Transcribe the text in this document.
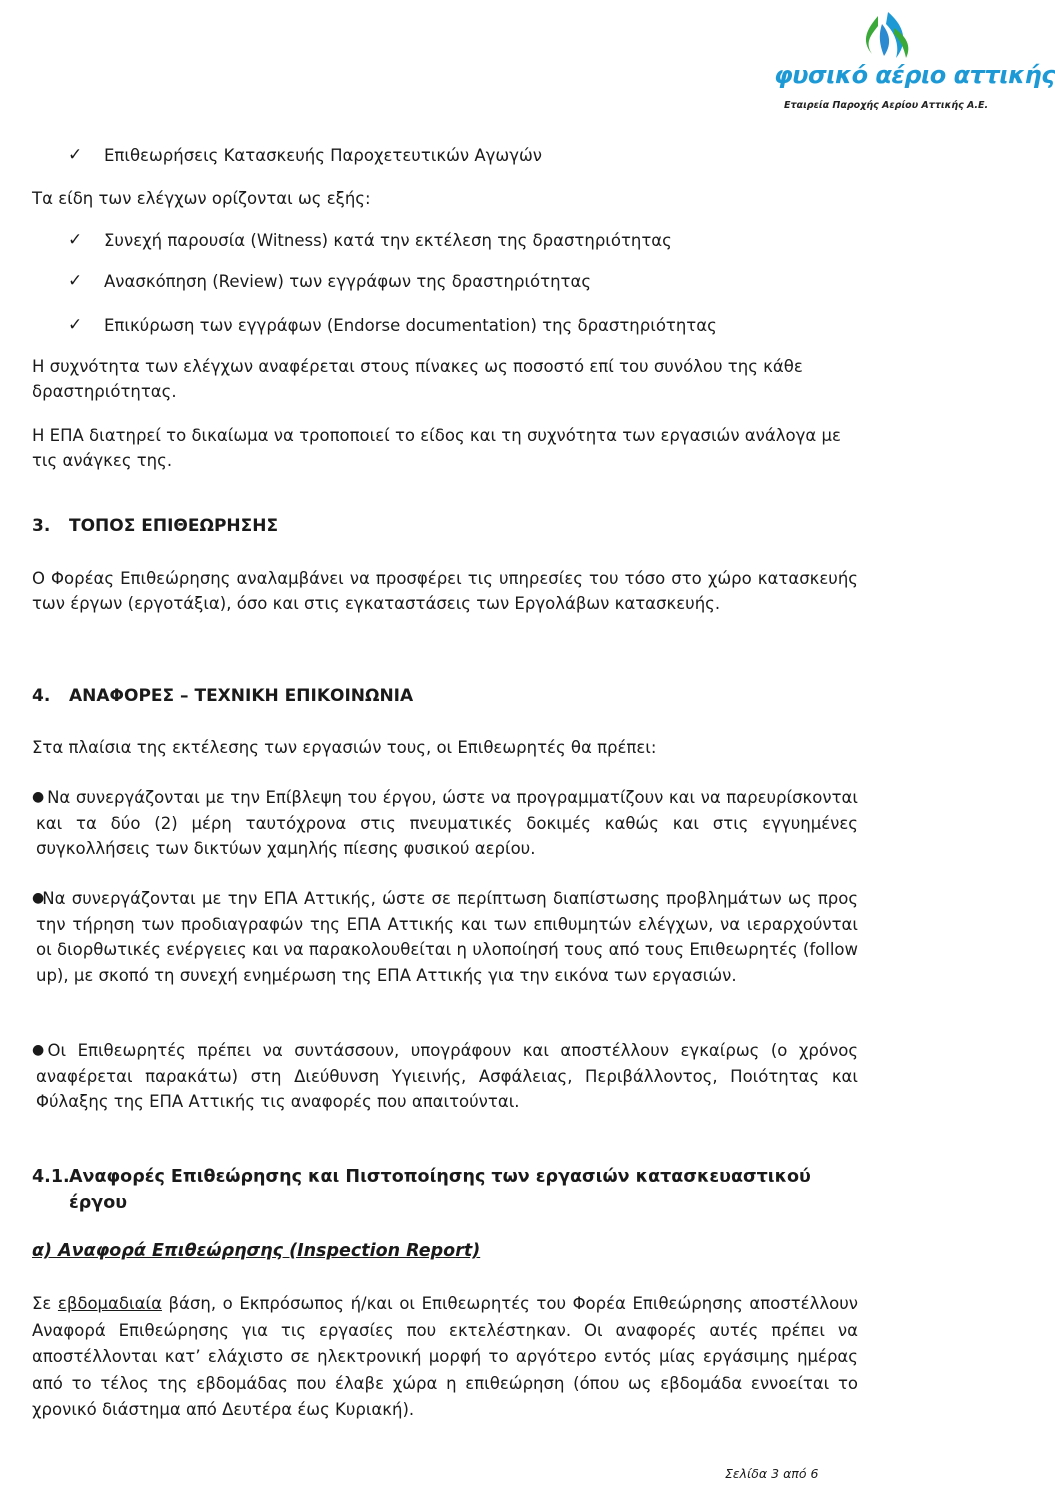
φυσικό αέριο αττικής
Εταιρεία Παροχής Αερίου Αττικής Α.Ε.
✓ Επιθεωρήσεις Κατασκευής Παροχετευτικών Αγωγών
Τα είδη των ελέγχων ορίζονται ως εξής:
✓ Συνεχή παρουσία (Witness) κατά την εκτέλεση της δραστηριότητας
✓ Ανασκόπηση (Review) των εγγράφων της δραστηριότητας
✓ Επικύρωση των εγγράφων (Endorse documentation) της δραστηριότητας
Η συχνότητα των ελέγχων αναφέρεται στους πίνακες ως ποσοστό επί του συνόλου της κάθε δραστηριότητας.
Η ΕΠΑ διατηρεί το δικαίωμα να τροποποιεί το είδος και τη συχνότητα των εργασιών ανάλογα με τις ανάγκες της.
3. ΤΟΠΟΣ ΕΠΙΘΕΩΡΗΣΗΣ
Ο Φορέας Επιθεώρησης αναλαμβάνει να προσφέρει τις υπηρεσίες του τόσο στο χώρο κατασκευής των έργων (εργοτάξια), όσο και στις εγκαταστάσεις των Εργολάβων κατασκευής.
4. ΑΝΑΦΟΡΕΣ – ΤΕΧΝΙΚΗ ΕΠΙΚΟΙΝΩΝΙΑ
Στα πλαίσια της εκτέλεσης των εργασιών τους, οι Επιθεωρητές θα πρέπει:
● Να συνεργάζονται με την Επίβλεψη του έργου, ώστε να προγραμματίζουν και να παρευρίσκονται και τα δύο (2) μέρη ταυτόχρονα στις πνευματικές δοκιμές καθώς και στις εγγυημένες συγκολλήσεις των δικτύων χαμηλής πίεσης φυσικού αερίου.
●
Να συνεργάζονται με την ΕΠΑ Αττικής, ώστε σε περίπτωση διαπίστωσης προβλημάτων ως προς την τήρηση των προδιαγραφών της ΕΠΑ Αττικής και των επιθυμητών ελέγχων, να ιεραρχούνται οι διορθωτικές ενέργειες και να παρακολουθείται η υλοποίησή τους από τους Επιθεωρητές (follow up), με σκοπό τη συνεχή ενημέρωση της ΕΠΑ Αττικής για την εικόνα των εργασιών.
● Οι Επιθεωρητές πρέπει να συντάσσουν, υπογράφουν και αποστέλλουν εγκαίρως (ο χρόνος αναφέρεται παρακάτω) στη Διεύθυνση Υγιεινής, Ασφάλειας, Περιβάλλοντος, Ποιότητας και Φύλαξης της ΕΠΑ Αττικής τις αναφορές που απαιτούνται.
4.1. Αναφορές Επιθεώρησης και Πιστοποίησης των εργασιών κατασκευαστικού έργου
α) Αναφορά Επιθεώρησης (Inspection Report)
Σε εβδομαδιαία βάση, ο Εκπρόσωπος ή/και οι Επιθεωρητές του Φορέα Επιθεώρησης αποστέλλουν Αναφορά Επιθεώρησης για τις εργασίες που εκτελέστηκαν. Οι αναφορές αυτές πρέπει να αποστέλλονται κατ’ ελάχιστο σε ηλεκτρονική μορφή το αργότερο εντός μίας εργάσιμης ημέρας από το τέλος της εβδομάδας που έλαβε χώρα η επιθεώρηση (όπου ως εβδομάδα εννοείται το χρονικό διάστημα από Δευτέρα έως Κυριακή).
Σελίδα 3 από 6
